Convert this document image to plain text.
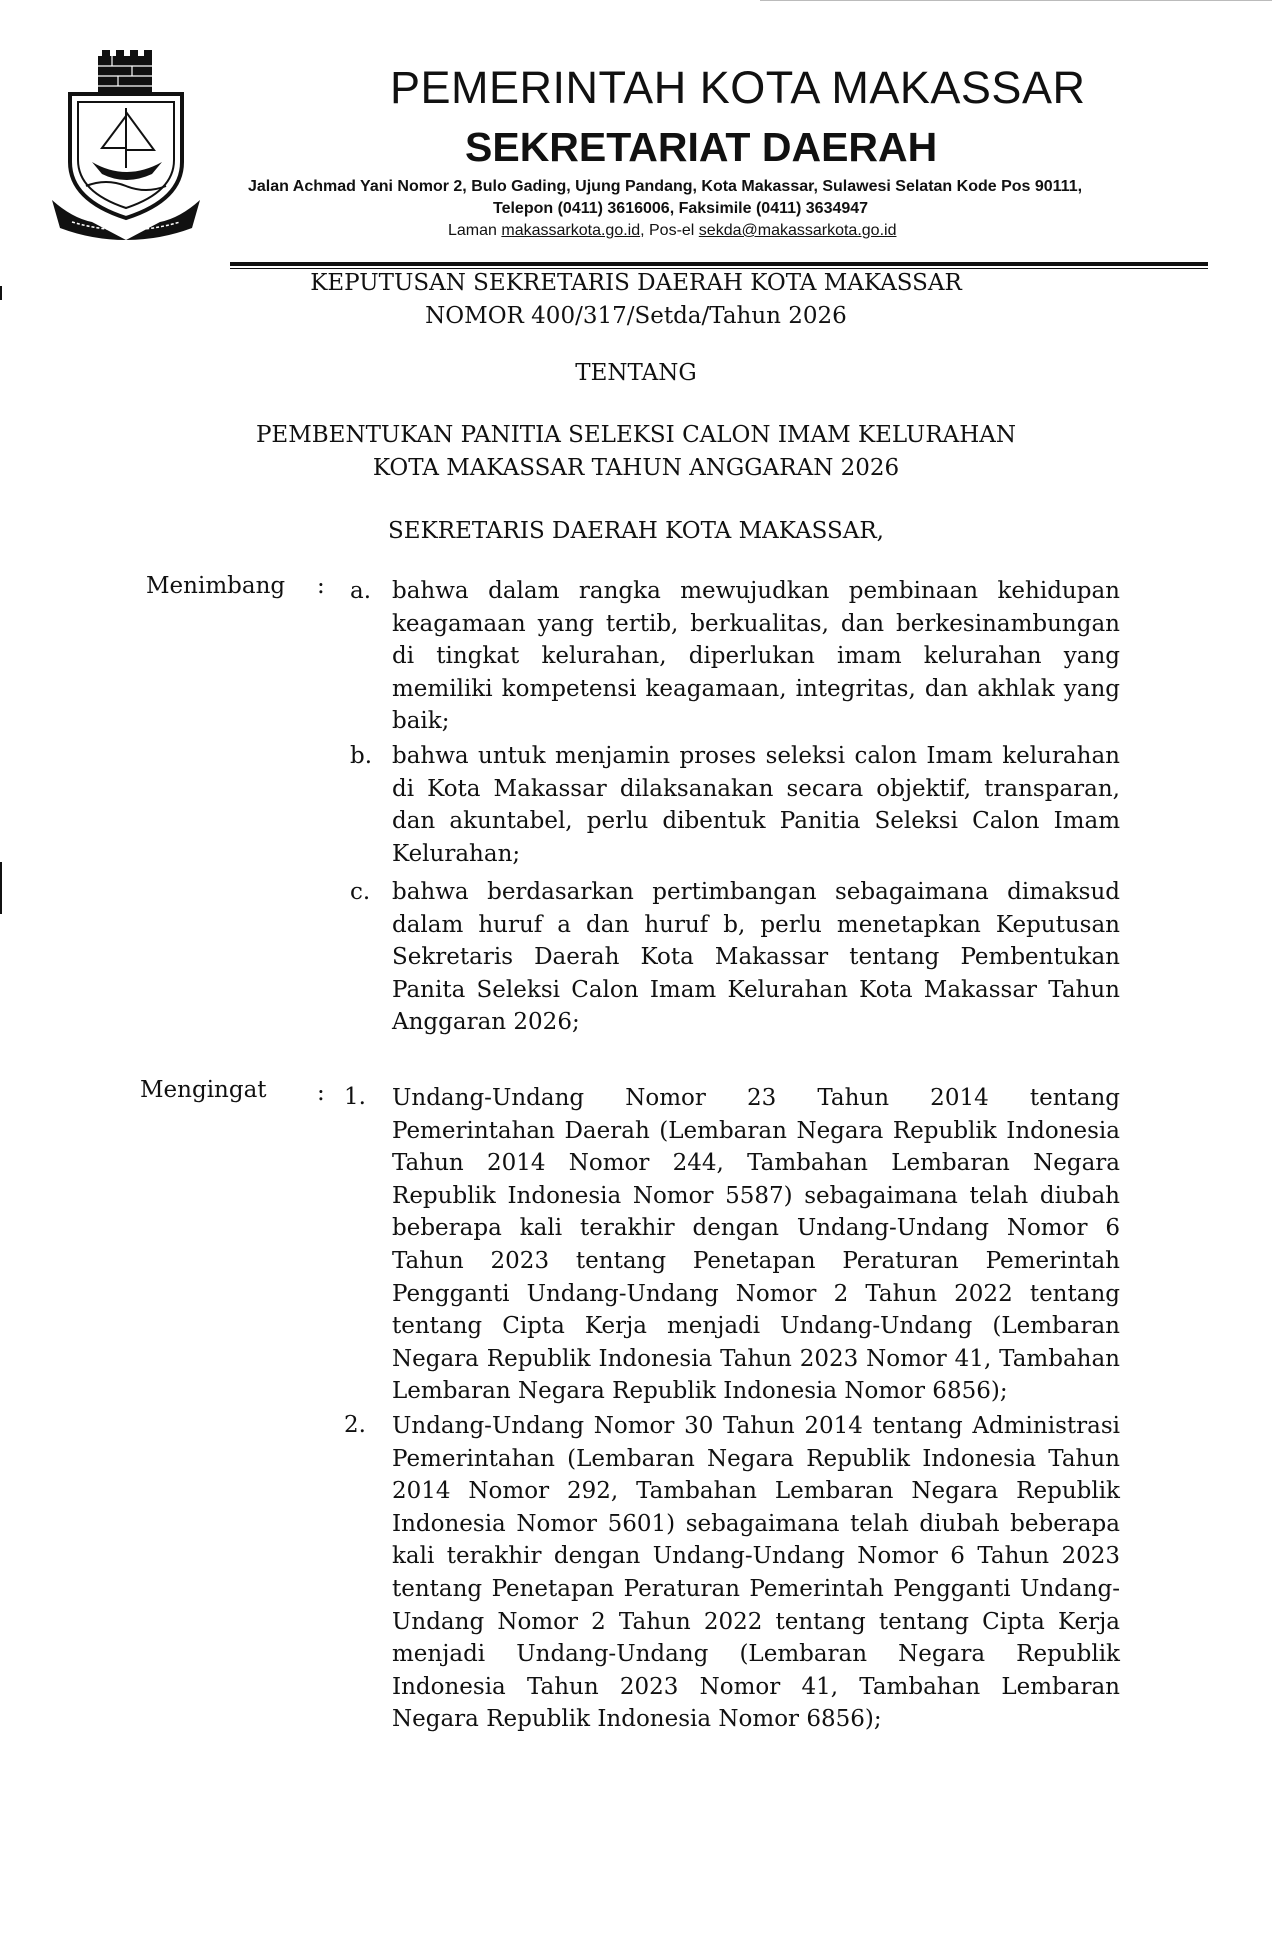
PEMERINTAH KOTA MAKASSAR
SEKRETARIAT DAERAH
Jalan Achmad Yani Nomor 2, Bulo Gading, Ujung Pandang, Kota Makassar, Sulawesi Selatan Kode Pos 90111,
Telepon (0411) 3616006, Faksimile (0411) 3634947
Laman makassarkota.go.id, Pos-el sekda@makassarkota.go.id
KEPUTUSAN SEKRETARIS DAERAH KOTA MAKASSAR
NOMOR 400/317/Setda/Tahun 2026
TENTANG
PEMBENTUKAN PANITIA SELEKSI CALON IMAM KELURAHAN
KOTA MAKASSAR TAHUN ANGGARAN 2026
SEKRETARIS DAERAH KOTA MAKASSAR,
Menimbang : a. bahwa dalam rangka mewujudkan pembinaan kehidupan keagamaan yang tertib, berkualitas, dan berkesinambungan di tingkat kelurahan, diperlukan imam kelurahan yang memiliki kompetensi keagamaan, integritas, dan akhlak yang baik;

b. bahwa untuk menjamin proses seleksi calon Imam kelurahan di Kota Makassar dilaksanakan secara objektif, transparan, dan akuntabel, perlu dibentuk Panitia Seleksi Calon Imam Kelurahan;

c. bahwa berdasarkan pertimbangan sebagaimana dimaksud dalam huruf a dan huruf b, perlu menetapkan Keputusan Sekretaris Daerah Kota Makassar tentang Pembentukan Panita Seleksi Calon Imam Kelurahan Kota Makassar Tahun Anggaran 2026;

Mengingat : 1. Undang-Undang Nomor 23 Tahun 2014 tentang Pemerintahan Daerah (Lembaran Negara Republik Indonesia Tahun 2014 Nomor 244, Tambahan Lembaran Negara Republik Indonesia Nomor 5587) sebagaimana telah diubah beberapa kali terakhir dengan Undang-Undang Nomor 6 Tahun 2023 tentang Penetapan Peraturan Pemerintah Pengganti Undang-Undang Nomor 2 Tahun 2022 tentang tentang Cipta Kerja menjadi Undang-Undang (Lembaran Negara Republik Indonesia Tahun 2023 Nomor 41, Tambahan Lembaran Negara Republik Indonesia Nomor 6856);

2. Undang-Undang Nomor 30 Tahun 2014 tentang Administrasi Pemerintahan (Lembaran Negara Republik Indonesia Tahun 2014 Nomor 292, Tambahan Lembaran Negara Republik Indonesia Nomor 5601) sebagaimana telah diubah beberapa kali terakhir dengan Undang-Undang Nomor 6 Tahun 2023 tentang Penetapan Peraturan Pemerintah Pengganti Undang-Undang Nomor 2 Tahun 2022 tentang tentang Cipta Kerja menjadi Undang-Undang (Lembaran Negara Republik Indonesia Tahun 2023 Nomor 41, Tambahan Lembaran Negara Republik Indonesia Nomor 6856);
